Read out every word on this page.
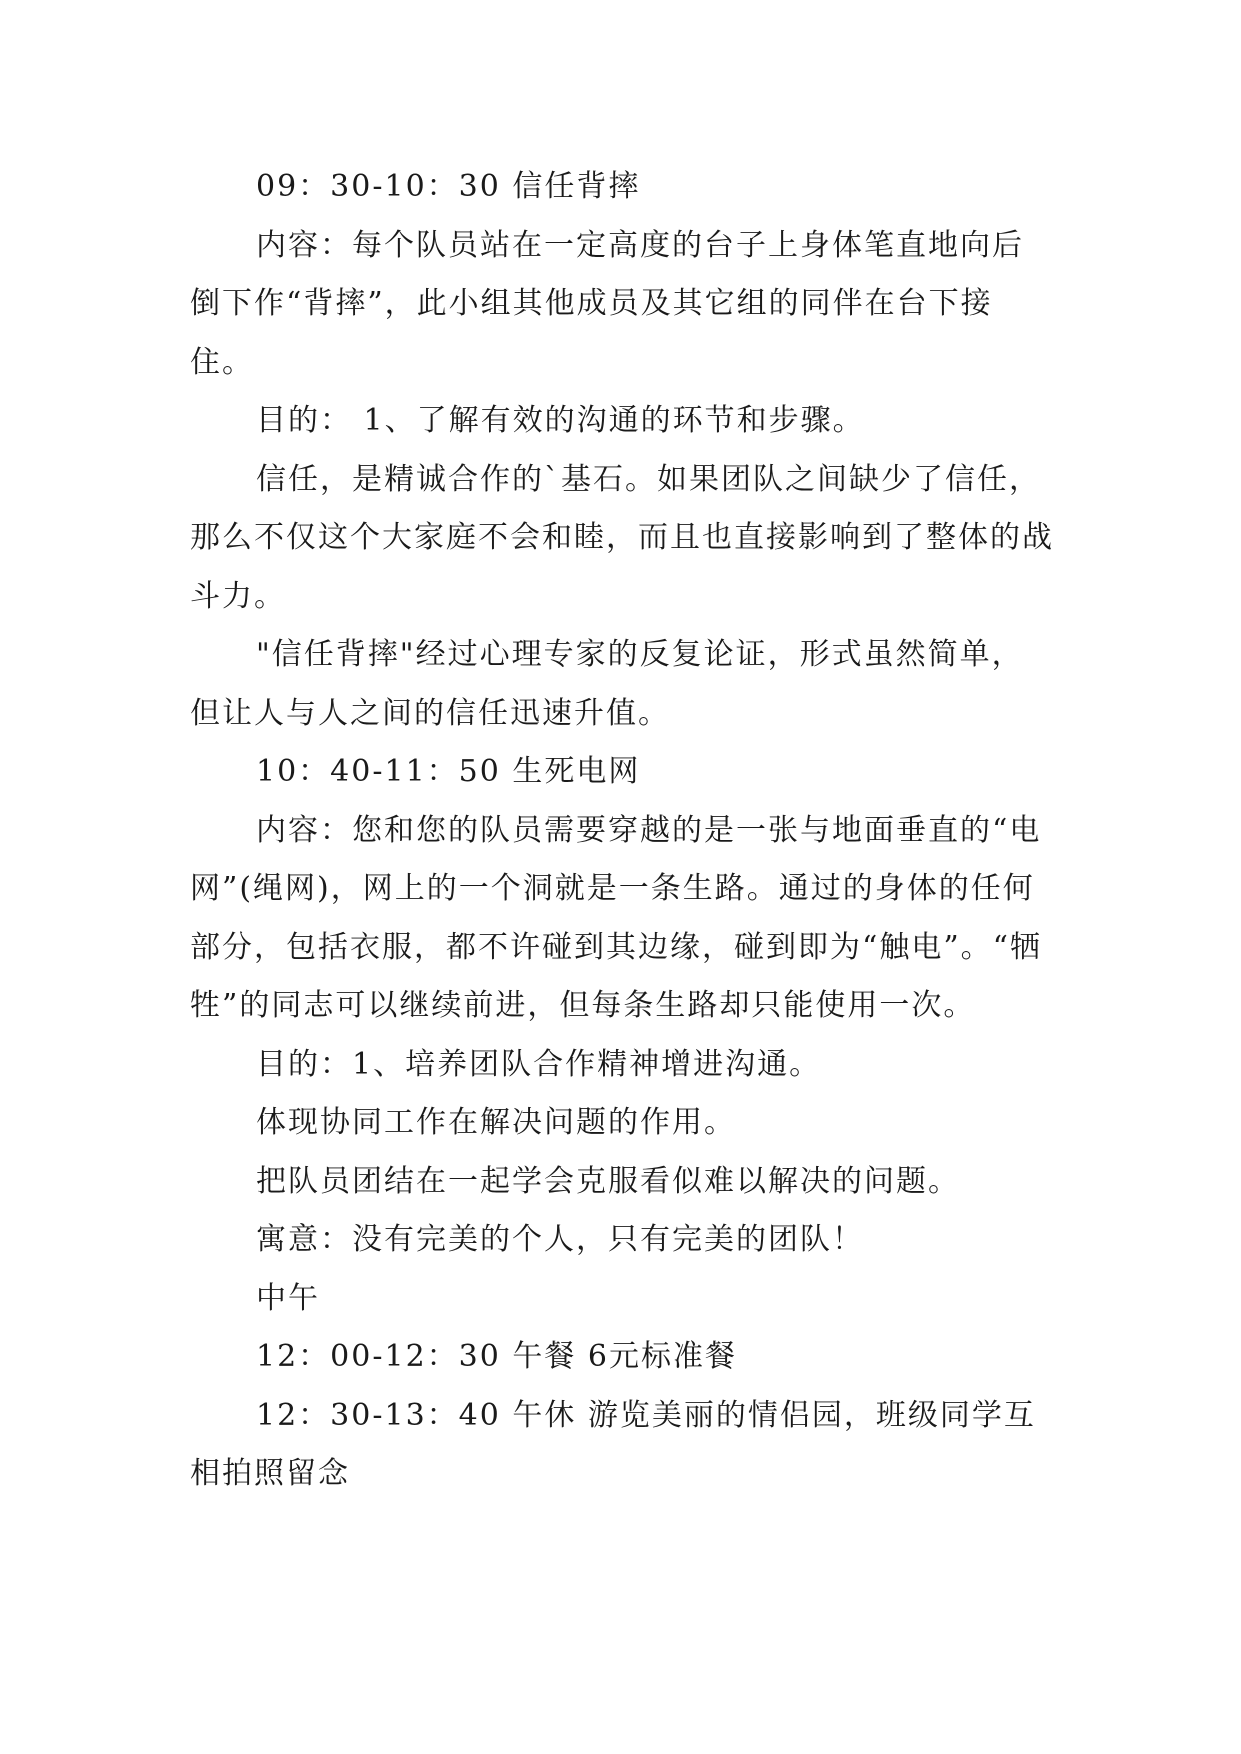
09：30-10：30 信任背摔

内容：每个队员站在一定高度的台子上身体笔直地向后倒下作“背摔”，此小组其他成员及其它组的同伴在台下接住。

目的： 1、了解有效的沟通的环节和步骤。

信任，是精诚合作的`基石。如果团队之间缺少了信任，那么不仅这个大家庭不会和睦，而且也直接影响到了整体的战斗力。

"信任背摔"经过心理专家的反复论证，形式虽然简单，但让人与人之间的信任迅速升值。

10：40-11：50 生死电网

内容：您和您的队员需要穿越的是一张与地面垂直的“电网”(绳网)，网上的一个洞就是一条生路。通过的身体的任何部分，包括衣服，都不许碰到其边缘，碰到即为“触电”。“牺牲”的同志可以继续前进，但每条生路却只能使用一次。

目的：1、培养团队合作精神增进沟通。

体现协同工作在解决问题的作用。

把队员团结在一起学会克服看似难以解决的问题。

寓意：没有完美的个人，只有完美的团队！

中午

12：00-12：30 午餐 6元标准餐

12：30-13：40 午休 游览美丽的情侣园，班级同学互相拍照留念
